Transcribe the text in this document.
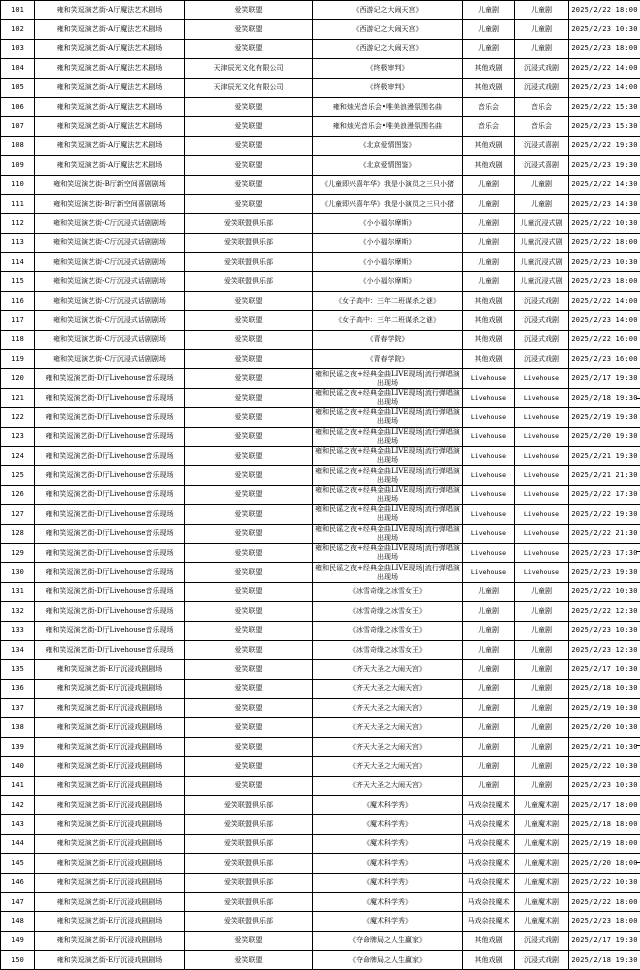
101	雍和笑逗演艺街-A厅魔法艺术剧场	爱笑联盟	《西游记之大闹天宫》	儿童剧	儿童剧	2025/2/22 18:00
102	雍和笑逗演艺街-A厅魔法艺术剧场	爱笑联盟	《西游记之大闹天宫》	儿童剧	儿童剧	2025/2/23 10:30
103	雍和笑逗演艺街-A厅魔法艺术剧场	爱笑联盟	《西游记之大闹天宫》	儿童剧	儿童剧	2025/2/23 18:00
104	雍和笑逗演艺街-A厅魔法艺术剧场	天津辰光文化有限公司	《终极审判》	其他戏剧	沉浸式戏剧	2025/2/22 14:00
105	雍和笑逗演艺街-A厅魔法艺术剧场	天津辰光文化有限公司	《终极审判》	其他戏剧	沉浸式戏剧	2025/2/23 14:00
106	雍和笑逗演艺街-A厅魔法艺术剧场	爱笑联盟	雍和烛光音乐会•唯美浪漫氛围名曲	音乐会	音乐会	2025/2/22 15:30
107	雍和笑逗演艺街-A厅魔法艺术剧场	爱笑联盟	雍和烛光音乐会•唯美浪漫氛围名曲	音乐会	音乐会	2025/2/23 15:30
108	雍和笑逗演艺街-A厅魔法艺术剧场	爱笑联盟	《北京爱情图鉴》	其他戏剧	沉浸式喜剧	2025/2/22 19:30
109	雍和笑逗演艺街-A厅魔法艺术剧场	爱笑联盟	《北京爱情图鉴》	其他戏剧	沉浸式喜剧	2025/2/23 19:30
110	雍和笑逗演艺街-B厅新空间喜剧剧场	爱笑联盟	《儿童即兴喜年华》我是小演员之三只小猪	儿童剧	儿童剧	2025/2/22 14:30
111	雍和笑逗演艺街-B厅新空间喜剧剧场	爱笑联盟	《儿童即兴喜年华》我是小演员之三只小猪	儿童剧	儿童剧	2025/2/23 14:30
112	雍和笑逗演艺街-C厅沉浸式话剧剧场	爱笑联盟俱乐部	《小小福尔摩斯》	儿童剧	儿童沉浸式剧	2025/2/22 10:30
113	雍和笑逗演艺街-C厅沉浸式话剧剧场	爱笑联盟俱乐部	《小小福尔摩斯》	儿童剧	儿童沉浸式剧	2025/2/22 18:00
114	雍和笑逗演艺街-C厅沉浸式话剧剧场	爱笑联盟俱乐部	《小小福尔摩斯》	儿童剧	儿童沉浸式剧	2025/2/23 10:30
115	雍和笑逗演艺街-C厅沉浸式话剧剧场	爱笑联盟俱乐部	《小小福尔摩斯》	儿童剧	儿童沉浸式剧	2025/2/23 18:00
116	雍和笑逗演艺街-C厅沉浸式话剧剧场	爱笑联盟	《女子高中：三年二班谋杀之谜》	其他戏剧	沉浸式戏剧	2025/2/22 14:00
117	雍和笑逗演艺街-C厅沉浸式话剧剧场	爱笑联盟	《女子高中：三年二班谋杀之谜》	其他戏剧	沉浸式戏剧	2025/2/23 14:00
118	雍和笑逗演艺街-C厅沉浸式话剧剧场	爱笑联盟	《青春学院》	其他戏剧	沉浸式戏剧	2025/2/22 16:00
119	雍和笑逗演艺街-C厅沉浸式话剧剧场	爱笑联盟	《青春学院》	其他戏剧	沉浸式戏剧	2025/2/23 16:00
120	雍和笑逗演艺街-D厅Livehouse音乐现场	爱笑联盟	雍和民谣之夜+经典金曲LIVE现场|流行弹唱演出现场	Livehouse	Livehouse	2025/2/17 19:30
121	雍和笑逗演艺街-D厅Livehouse音乐现场	爱笑联盟	雍和民谣之夜+经典金曲LIVE现场|流行弹唱演出现场	Livehouse	Livehouse	2025/2/18 19:30
122	雍和笑逗演艺街-D厅Livehouse音乐现场	爱笑联盟	雍和民谣之夜+经典金曲LIVE现场|流行弹唱演出现场	Livehouse	Livehouse	2025/2/19 19:30
123	雍和笑逗演艺街-D厅Livehouse音乐现场	爱笑联盟	雍和民谣之夜+经典金曲LIVE现场|流行弹唱演出现场	Livehouse	Livehouse	2025/2/20 19:30
124	雍和笑逗演艺街-D厅Livehouse音乐现场	爱笑联盟	雍和民谣之夜+经典金曲LIVE现场|流行弹唱演出现场	Livehouse	Livehouse	2025/2/21 19:30
125	雍和笑逗演艺街-D厅Livehouse音乐现场	爱笑联盟	雍和民谣之夜+经典金曲LIVE现场|流行弹唱演出现场	Livehouse	Livehouse	2025/2/21 21:30
126	雍和笑逗演艺街-D厅Livehouse音乐现场	爱笑联盟	雍和民谣之夜+经典金曲LIVE现场|流行弹唱演出现场	Livehouse	Livehouse	2025/2/22 17:30
127	雍和笑逗演艺街-D厅Livehouse音乐现场	爱笑联盟	雍和民谣之夜+经典金曲LIVE现场|流行弹唱演出现场	Livehouse	Livehouse	2025/2/22 19:30
128	雍和笑逗演艺街-D厅Livehouse音乐现场	爱笑联盟	雍和民谣之夜+经典金曲LIVE现场|流行弹唱演出现场	Livehouse	Livehouse	2025/2/22 21:30
129	雍和笑逗演艺街-D厅Livehouse音乐现场	爱笑联盟	雍和民谣之夜+经典金曲LIVE现场|流行弹唱演出现场	Livehouse	Livehouse	2025/2/23 17:30
130	雍和笑逗演艺街-D厅Livehouse音乐现场	爱笑联盟	雍和民谣之夜+经典金曲LIVE现场|流行弹唱演出现场	Livehouse	Livehouse	2025/2/23 19:30
131	雍和笑逗演艺街-D厅Livehouse音乐现场	爱笑联盟	《冰雪奇缘之冰雪女王》	儿童剧	儿童剧	2025/2/22 10:30
132	雍和笑逗演艺街-D厅Livehouse音乐现场	爱笑联盟	《冰雪奇缘之冰雪女王》	儿童剧	儿童剧	2025/2/22 12:30
133	雍和笑逗演艺街-D厅Livehouse音乐现场	爱笑联盟	《冰雪奇缘之冰雪女王》	儿童剧	儿童剧	2025/2/23 10:30
134	雍和笑逗演艺街-D厅Livehouse音乐现场	爱笑联盟	《冰雪奇缘之冰雪女王》	儿童剧	儿童剧	2025/2/23 12:30
135	雍和笑逗演艺街-E厅沉浸戏剧剧场	爱笑联盟	《齐天大圣之大闹天宫》	儿童剧	儿童剧	2025/2/17 10:30
136	雍和笑逗演艺街-E厅沉浸戏剧剧场	爱笑联盟	《齐天大圣之大闹天宫》	儿童剧	儿童剧	2025/2/18 10:30
137	雍和笑逗演艺街-E厅沉浸戏剧剧场	爱笑联盟	《齐天大圣之大闹天宫》	儿童剧	儿童剧	2025/2/19 10:30
138	雍和笑逗演艺街-E厅沉浸戏剧剧场	爱笑联盟	《齐天大圣之大闹天宫》	儿童剧	儿童剧	2025/2/20 10:30
139	雍和笑逗演艺街-E厅沉浸戏剧剧场	爱笑联盟	《齐天大圣之大闹天宫》	儿童剧	儿童剧	2025/2/21 10:30
140	雍和笑逗演艺街-E厅沉浸戏剧剧场	爱笑联盟	《齐天大圣之大闹天宫》	儿童剧	儿童剧	2025/2/22 10:30
141	雍和笑逗演艺街-E厅沉浸戏剧剧场	爱笑联盟	《齐天大圣之大闹天宫》	儿童剧	儿童剧	2025/2/23 10:30
142	雍和笑逗演艺街-E厅沉浸戏剧剧场	爱笑联盟俱乐部	《魔术科学秀》	马戏杂技魔术	儿童魔术剧	2025/2/17 18:00
143	雍和笑逗演艺街-E厅沉浸戏剧剧场	爱笑联盟俱乐部	《魔术科学秀》	马戏杂技魔术	儿童魔术剧	2025/2/18 18:00
144	雍和笑逗演艺街-E厅沉浸戏剧剧场	爱笑联盟俱乐部	《魔术科学秀》	马戏杂技魔术	儿童魔术剧	2025/2/19 18:00
145	雍和笑逗演艺街-E厅沉浸戏剧剧场	爱笑联盟俱乐部	《魔术科学秀》	马戏杂技魔术	儿童魔术剧	2025/2/20 18:00
146	雍和笑逗演艺街-E厅沉浸戏剧剧场	爱笑联盟俱乐部	《魔术科学秀》	马戏杂技魔术	儿童魔术剧	2025/2/22 10:30
147	雍和笑逗演艺街-E厅沉浸戏剧剧场	爱笑联盟俱乐部	《魔术科学秀》	马戏杂技魔术	儿童魔术剧	2025/2/22 18:00
148	雍和笑逗演艺街-E厅沉浸戏剧剧场	爱笑联盟俱乐部	《魔术科学秀》	马戏杂技魔术	儿童魔术剧	2025/2/23 18:00
149	雍和笑逗演艺街-E厅沉浸戏剧剧场	爱笑联盟	《夺命牌局之人生赢家》	其他戏剧	沉浸式戏剧	2025/2/17 19:30
150	雍和笑逗演艺街-E厅沉浸戏剧剧场	爱笑联盟	《夺命牌局之人生赢家》	其他戏剧	沉浸式戏剧	2025/2/18 19:30
